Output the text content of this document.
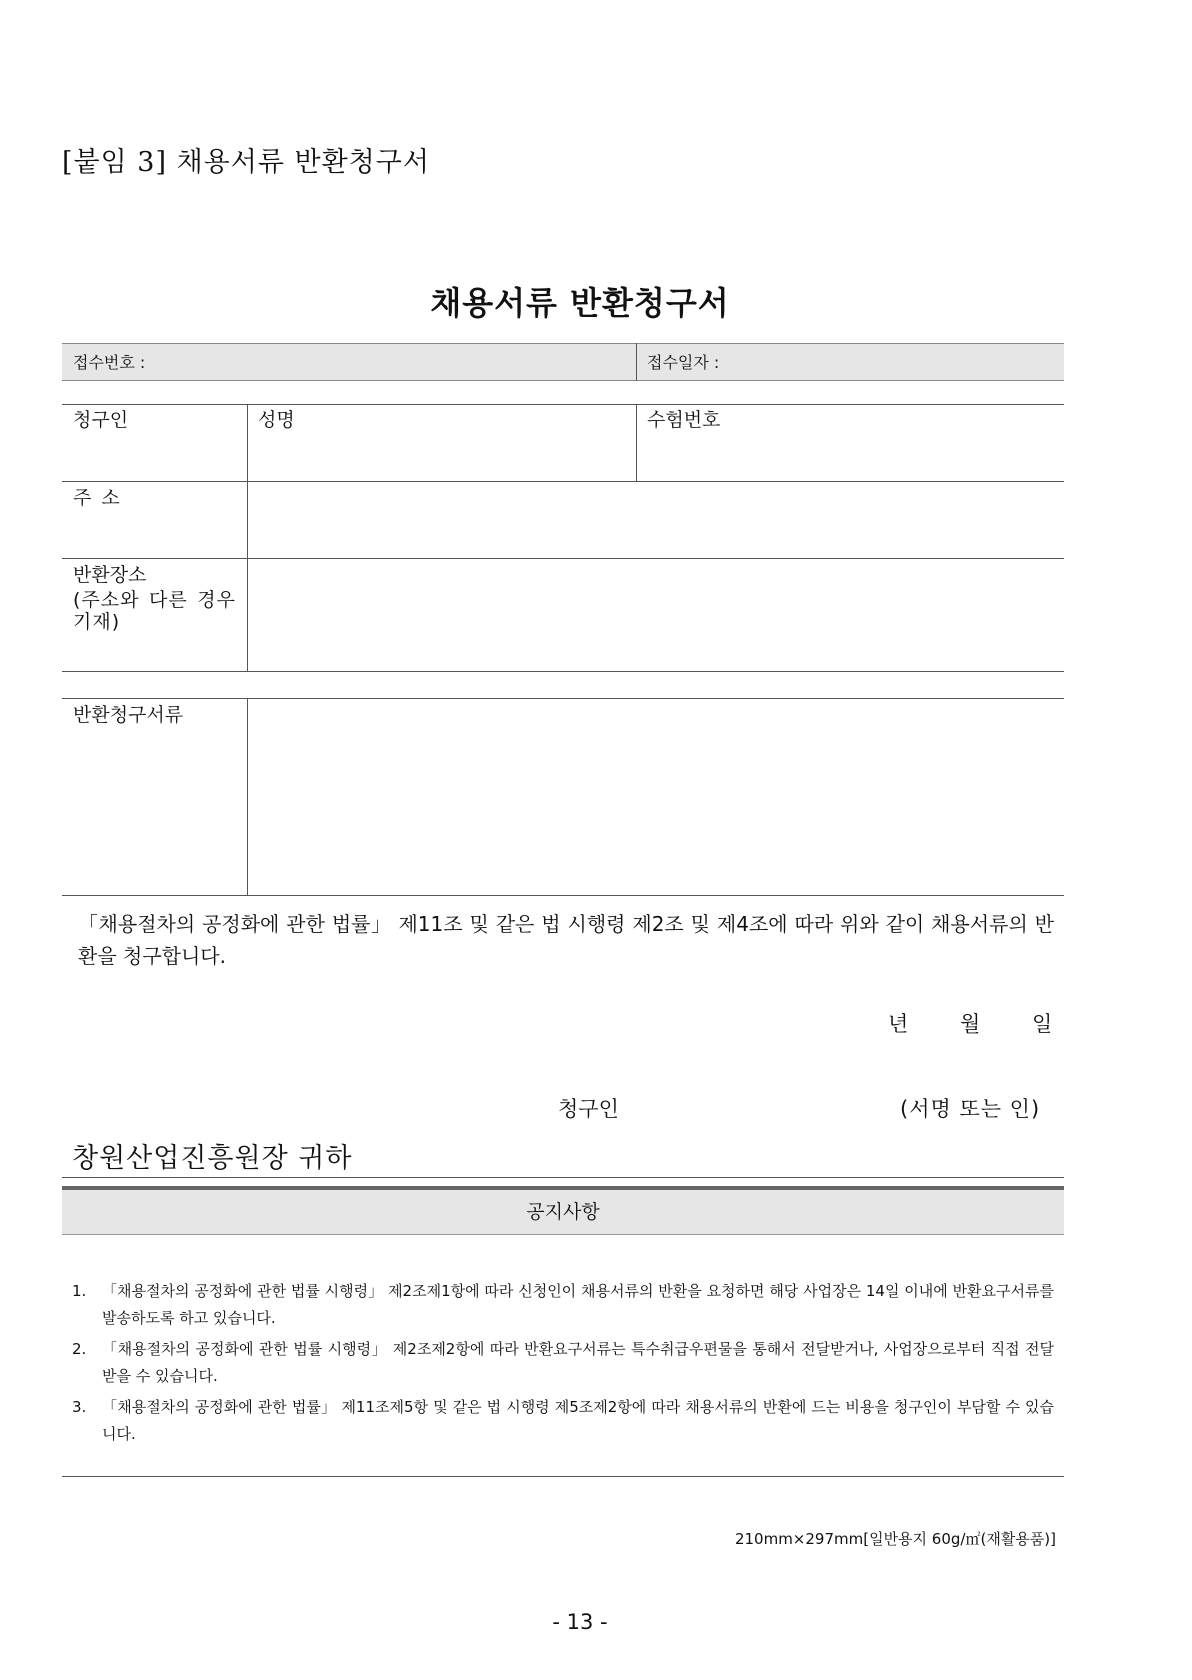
[붙임 3] 채용서류 반환청구서
채용서류 반환청구서
접수번호 :	접수일자 :
청구인	성명	수험번호
주 소
반환장소
(주소와 다른 경우 기재)
반환청구서류
「채용절차의 공정화에 관한 법률」 제11조 및 같은 법 시행령 제2조 및 제4조에 따라 위와 같이 채용서류의 반환을 청구합니다.
년 월 일
청구인	(서명 또는 인)
창원산업진흥원장 귀하
공지사항
1.	「채용절차의 공정화에 관한 법률 시행령」 제2조제1항에 따라 신청인이 채용서류의 반환을 요청하면 해당 사업장은 14일 이내에 반환요구서류를 발송하도록 하고 있습니다.
2.	「채용절차의 공정화에 관한 법률 시행령」 제2조제2항에 따라 반환요구서류는 특수취급우편물을 통해서 전달받거나, 사업장으로부터 직접 전달받을 수 있습니다.
3.	「채용절차의 공정화에 관한 법률」 제11조제5항 및 같은 법 시행령 제5조제2항에 따라 채용서류의 반환에 드는 비용을 청구인이 부담할 수 있습니다.
210mm×297mm[일반용지 60g/㎡(재활용품)]
- 13 -
